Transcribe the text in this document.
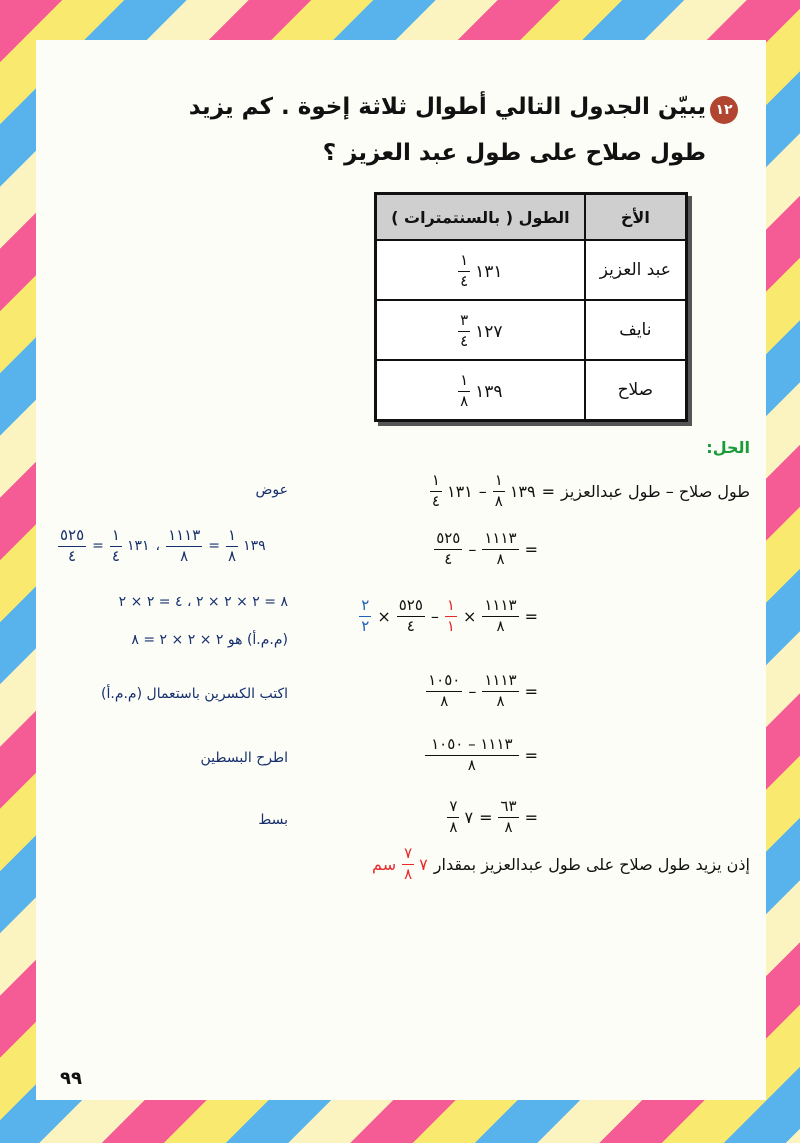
١٢
يبيّن الجدول التالي أطوال ثلاثة إخوة . كم يزيد
طول صلاح على طول عبد العزيز ؟
الطول ( بالسنتمترات )	الأخ

١
٤ ١٣١	عبد العزيز

٣
٤ ١٢٧	نايف

١
٨ ١٣٩	صلاح
الحل:
١
٤ ١٣١ –
١
٨ ١٣٩ = طول صلاح – طول عبدالعزيز
عوض
٥٢٥
٤ –
١١١٣
٨ =
٥٢٥
٤
=
١
٤
١٣١ ،
١١١٣
٨
=
١
٨
١٣٩
٢
٢ ×
٥٢٥
٤ –
١
١ ×
١١١٣
٨ =
٨ = ٢ × ٢ × ٢ ، ٤ = ٢ × ٢
(م.م.أ) هو ٢ × ٢ × ٢ = ٨
١٠٥٠
٨ –
١١١٣
٨ =
اكتب الكسرين باستعمال (م.م.أ)
١١١٣ – ١٠٥٠
٨	=
اطرح البسطين
٧
٨ ٧ =
٦٣
٨ =
بسط
سم
٧
٨ ٧ إذن يزيد طول صلاح على طول عبدالعزيز بمقدار
٩٩
